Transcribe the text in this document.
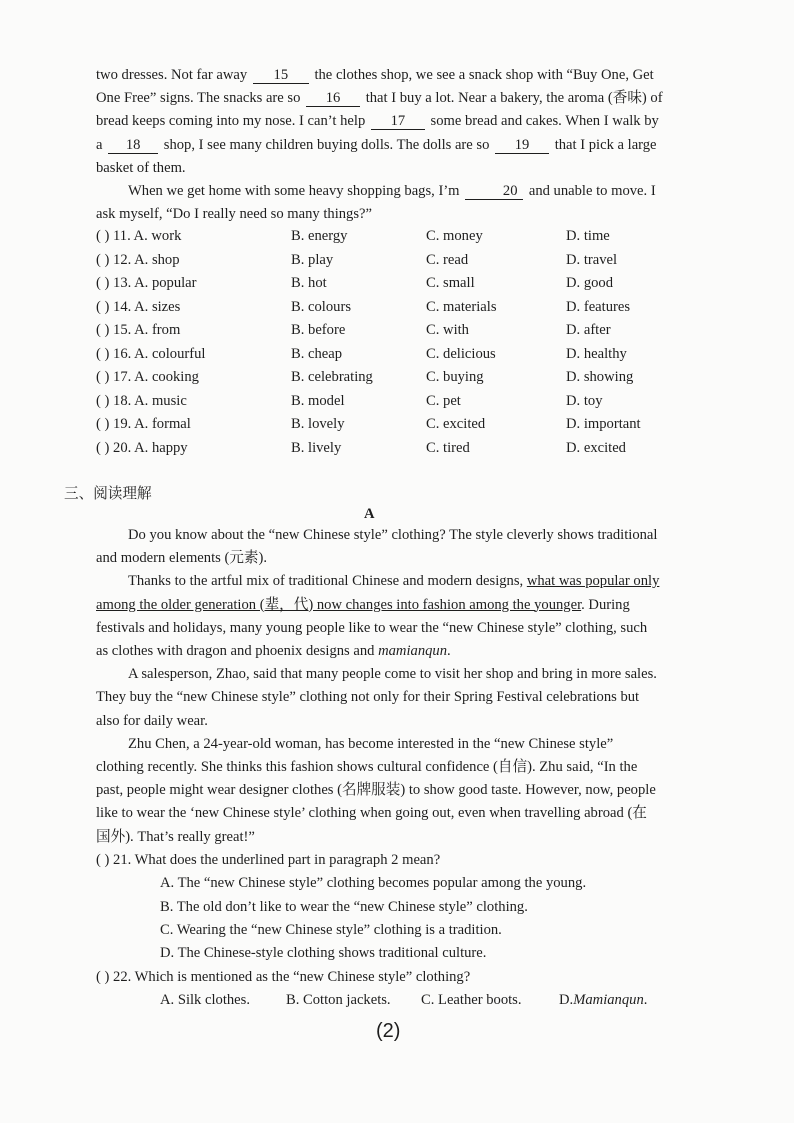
two dresses. Not far away 15 the clothes shop, we see a snack shop with “Buy One, Get

One Free” signs. The snacks are so 16 that I buy a lot. Near a bakery, the aroma (香味) of

bread keeps coming into my nose. I can’t help 17 some bread and cakes. When I walk by

a 18 shop, I see many children buying dolls. The dolls are so 19 that I pick a large

basket of them.

When we get home with some heavy shopping bags, I’m	20 and unable to move. I

ask myself, “Do I really need so many things?”

( ) 11. A. work	B. energy	C. money	D. time
( ) 12. A. shop	B. play	C. read	D. travel
( ) 13. A. popular	B. hot	C. small	D. good
( ) 14. A. sizes	B. colours	C. materials	D. features
( ) 15. A. from	B. before	C. with	D. after
( ) 16. A. colourful	B. cheap	C. delicious	D. healthy
( ) 17. A. cooking	B. celebrating	C. buying	D. showing
( ) 18. A. music	B. model	C. pet	D. toy
( ) 19. A. formal	B. lovely	C. excited	D. important
( ) 20. A. happy	B. lively	C. tired	D. excited
三、阅读理解
A

Do you know about the “new Chinese style” clothing? The style cleverly shows traditional

and modern elements (元素).

Thanks to the artful mix of traditional Chinese and modern designs, what was popular only

among the older generation (辈，代) now changes into fashion among the younger. During

festivals and holidays, many young people like to wear the “new Chinese style” clothing, such

as clothes with dragon and phoenix designs and mamianqun.

A salesperson, Zhao, said that many people come to visit her shop and bring in more sales.

They buy the “new Chinese style” clothing not only for their Spring Festival celebrations but

also for daily wear.

Zhu Chen, a 24-year-old woman, has become interested in the “new Chinese style”

clothing recently. She thinks this fashion shows cultural confidence (自信). Zhu said, “In the

past, people might wear designer clothes (名牌服装) to show good taste. However, now, people

like to wear the ‘new Chinese style’ clothing when going out, even when travelling abroad (在

国外). That’s really great!”

( ) 21. What does the underlined part in paragraph 2 mean?

A. The “new Chinese style” clothing becomes popular among the young.

B. The old don’t like to wear the “new Chinese style” clothing.

C. Wearing the “new Chinese style” clothing is a tradition.

D. The Chinese-style clothing shows traditional culture.

( ) 22. Which is mentioned as the “new Chinese style” clothing?

A. Silk clothes. B. Cotton jackets. C. Leather boots.	D.Mamianqun.

(2)
